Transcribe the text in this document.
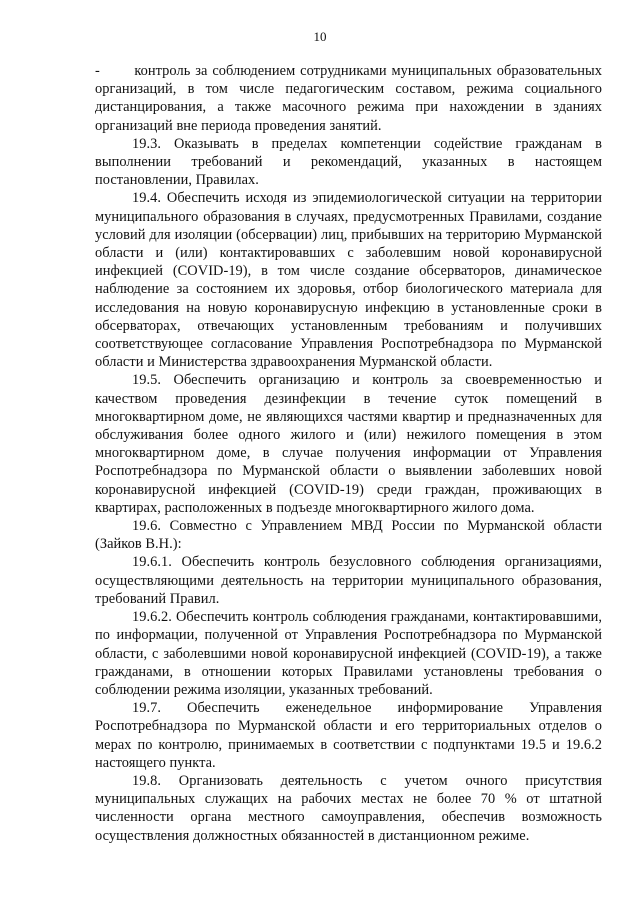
10

-       контроль за соблюдением сотрудниками муниципальных образовательных организаций, в том числе педагогическим составом, режима социального дистанцирования, а также масочного режима при нахождении в зданиях организаций вне периода проведения занятий.

19.3. Оказывать в пределах компетенции содействие гражданам в выполнении требований и рекомендаций, указанных в настоящем постановлении, Правилах.

19.4. Обеспечить исходя из эпидемиологической ситуации на территории муниципального образования в случаях, предусмотренных Правилами, создание условий для изоляции (обсервации) лиц, прибывших на территорию Мурманской области и (или) контактировавших с заболевшим новой коронавирусной инфекцией (COVID-19), в том числе создание обсерваторов, динамическое наблюдение за состоянием их здоровья, отбор биологического материала для исследования на новую коронавирусную инфекцию в установленные сроки в обсерваторах, отвечающих установленным требованиям и получивших соответствующее согласование Управления Роспотребнадзора по Мурманской области и Министерства здравоохранения Мурманской области.

19.5. Обеспечить организацию и контроль за своевременностью и качеством проведения дезинфекции в течение суток помещений в многоквартирном доме, не являющихся частями квартир и предназначенных для обслуживания более одного жилого и (или) нежилого помещения в этом многоквартирном доме, в случае получения информации от Управления Роспотребнадзора по Мурманской области о выявлении заболевших новой коронавирусной инфекцией (COVID-19) среди граждан, проживающих в квартирах, расположенных в подъезде многоквартирного жилого дома.

19.6. Совместно с Управлением МВД России по Мурманской области (Зайков В.Н.):

19.6.1. Обеспечить контроль безусловного соблюдения организациями, осуществляющими деятельность на территории муниципального образования, требований Правил.

19.6.2. Обеспечить контроль соблюдения гражданами, контактировавшими, по информации, полученной от Управления Роспотребнадзора по Мурманской области, с заболевшими новой коронавирусной инфекцией (COVID-19), а также гражданами, в отношении которых Правилами установлены требования о соблюдении режима изоляции, указанных требований.

19.7. Обеспечить еженедельное информирование Управления Роспотребнадзора по Мурманской области и его территориальных отделов о мерах по контролю, принимаемых в соответствии с подпунктами 19.5 и 19.6.2 настоящего пункта.

19.8. Организовать деятельность с учетом очного присутствия муниципальных служащих на рабочих местах не более 70 % от штатной численности органа местного самоуправления, обеспечив возможность осуществления должностных обязанностей в дистанционном режиме.
